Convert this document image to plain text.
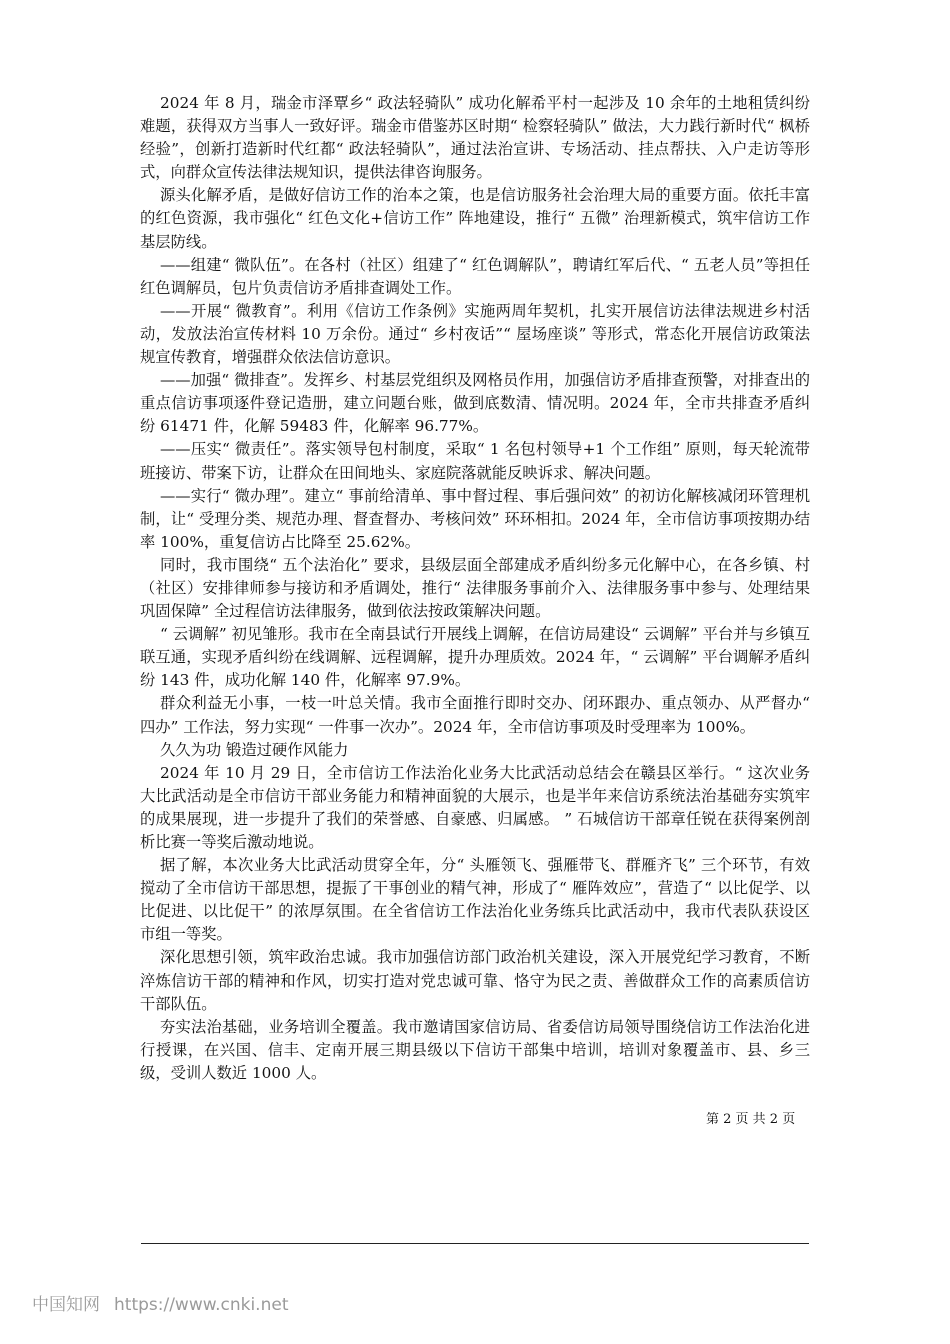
2024 年 8 月，瑞金市泽覃乡“ 政法轻骑队” 成功化解希平村一起涉及 10 余年的土地租赁纠纷难题，获得双方当事人一致好评。瑞金市借鉴苏区时期“ 检察轻骑队” 做法，大力践行新时代“ 枫桥经验”，创新打造新时代红都“ 政法轻骑队”，通过法治宣讲、专场活动、挂点帮扶、入户走访等形式，向群众宣传法律法规知识，提供法律咨询服务。

源头化解矛盾，是做好信访工作的治本之策，也是信访服务社会治理大局的重要方面。依托丰富的红色资源，我市强化“ 红色文化+信访工作” 阵地建设，推行“ 五微” 治理新模式，筑牢信访工作基层防线。

——组建“ 微队伍”。在各村（社区）组建了“ 红色调解队”，聘请红军后代、“ 五老人员”等担任红色调解员，包片负责信访矛盾排查调处工作。

——开展“ 微教育”。利用《信访工作条例》实施两周年契机，扎实开展信访法律法规进乡村活动，发放法治宣传材料 10 万余份。通过“ 乡村夜话”“ 屋场座谈” 等形式，常态化开展信访政策法规宣传教育，增强群众依法信访意识。

——加强“ 微排查”。发挥乡、村基层党组织及网格员作用，加强信访矛盾排查预警，对排查出的重点信访事项逐件登记造册，建立问题台账，做到底数清、情况明。2024 年，全市共排查矛盾纠纷 61471 件，化解 59483 件，化解率 96.77%。

——压实“ 微责任”。落实领导包村制度，采取“ 1 名包村领导+1 个工作组” 原则，每天轮流带班接访、带案下访，让群众在田间地头、家庭院落就能反映诉求、解决问题。

——实行“ 微办理”。建立“ 事前给清单、事中督过程、事后强问效” 的初访化解核减闭环管理机制，让“ 受理分类、规范办理、督查督办、考核问效” 环环相扣。2024 年，全市信访事项按期办结率 100%，重复信访占比降至 25.62%。

同时，我市围绕“ 五个法治化” 要求，县级层面全部建成矛盾纠纷多元化解中心，在各乡镇、村（社区）安排律师参与接访和矛盾调处，推行“ 法律服务事前介入、法律服务事中参与、处理结果巩固保障” 全过程信访法律服务，做到依法按政策解决问题。

“ 云调解” 初见雏形。我市在全南县试行开展线上调解，在信访局建设“ 云调解” 平台并与乡镇互联互通，实现矛盾纠纷在线调解、远程调解，提升办理质效。2024 年，“ 云调解” 平台调解矛盾纠纷 143 件，成功化解 140 件，化解率 97.9%。

群众利益无小事，一枝一叶总关情。我市全面推行即时交办、闭环跟办、重点领办、从严督办“ 四办” 工作法，努力实现“ 一件事一次办”。2024 年，全市信访事项及时受理率为 100%。

久久为功 锻造过硬作风能力

2024 年 10 月 29 日，全市信访工作法治化业务大比武活动总结会在赣县区举行。“ 这次业务大比武活动是全市信访干部业务能力和精神面貌的大展示，也是半年来信访系统法治基础夯实筑牢的成果展现，进一步提升了我们的荣誉感、自豪感、归属感。 ” 石城信访干部章任锐在获得案例剖析比赛一等奖后激动地说。

据了解，本次业务大比武活动贯穿全年，分“ 头雁领飞、强雁带飞、群雁齐飞” 三个环节，有效搅动了全市信访干部思想，提振了干事创业的精气神，形成了“ 雁阵效应”，营造了“ 以比促学、以比促进、以比促干” 的浓厚氛围。在全省信访工作法治化业务练兵比武活动中，我市代表队获设区市组一等奖。

深化思想引领，筑牢政治忠诚。我市加强信访部门政治机关建设，深入开展党纪学习教育，不断淬炼信访干部的精神和作风，切实打造对党忠诚可靠、恪守为民之责、善做群众工作的高素质信访干部队伍。

夯实法治基础，业务培训全覆盖。我市邀请国家信访局、省委信访局领导围绕信访工作法治化进行授课，在兴国、信丰、定南开展三期县级以下信访干部集中培训，培训对象覆盖市、县、乡三级，受训人数近 1000 人。

第 2 页 共 2 页
中国知网 https://www.cnki.net
